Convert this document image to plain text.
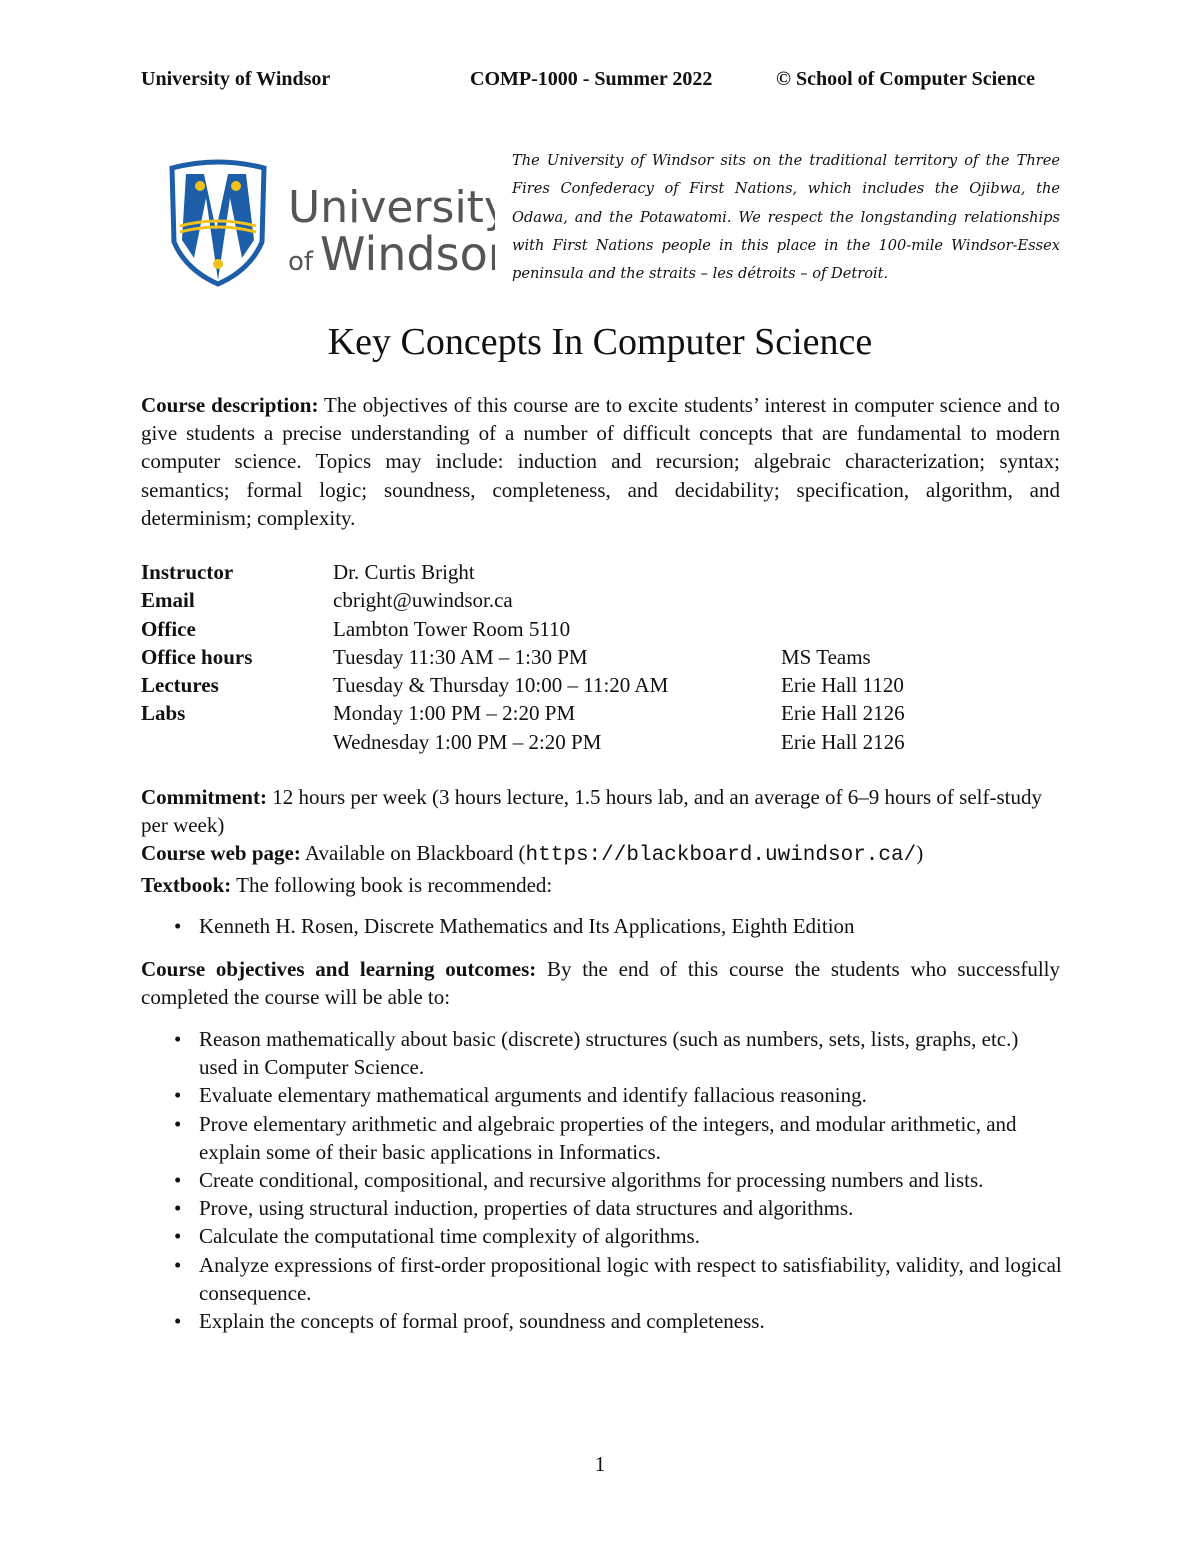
University of Windsor	COMP-1000 - Summer 2022	© School of Computer Science
University
of Windsor
The University of Windsor sits on the traditional territory of the Three Fires Confederacy of First Nations, which includes the Ojibwa, the Odawa, and the Potawatomi. We respect the longstanding relationships with First Nations people in this place in the 100-mile Windsor-Essex peninsula and the straits – les détroits – of Detroit.
Key Concepts In Computer Science
Course description: The objectives of this course are to excite students’ interest in computer science and to give students a precise understanding of a number of difficult concepts that are fundamental to modern computer science. Topics may include: induction and recursion; algebraic characterization; syntax; semantics; formal logic; soundness, completeness, and decidability; specification, algorithm, and determinism; complexity.
Instructor	Dr. Curtis Bright	
Email	cbright@uwindsor.ca	
Office	Lambton Tower Room 5110	
Office hours	Tuesday 11:30 AM – 1:30 PM	MS Teams
Lectures	Tuesday & Thursday 10:00 – 11:20 AM	Erie Hall 1120
Labs	Monday 1:00 PM – 2:20 PM	Erie Hall 2126
	Wednesday 1:00 PM – 2:20 PM	Erie Hall 2126
Commitment: 12 hours per week (3 hours lecture, 1.5 hours lab, and an average of 6–9 hours of self-study per week)
Course web page: Available on Blackboard (https://blackboard.uwindsor.ca/)
Textbook: The following book is recommended:
• Kenneth H. Rosen, Discrete Mathematics and Its Applications, Eighth Edition
Course objectives and learning outcomes: By the end of this course the students who successfully completed the course will be able to:
• Reason mathematically about basic (discrete) structures (such as numbers, sets, lists, graphs, etc.) used in Computer Science.
• Evaluate elementary mathematical arguments and identify fallacious reasoning.
• Prove elementary arithmetic and algebraic properties of the integers, and modular arithmetic, and explain some of their basic applications in Informatics.
• Create conditional, compositional, and recursive algorithms for processing numbers and lists.
• Prove, using structural induction, properties of data structures and algorithms.
• Calculate the computational time complexity of algorithms.
• Analyze expressions of first-order propositional logic with respect to satisfiability, validity, and logical consequence.
• Explain the concepts of formal proof, soundness and completeness.
1
